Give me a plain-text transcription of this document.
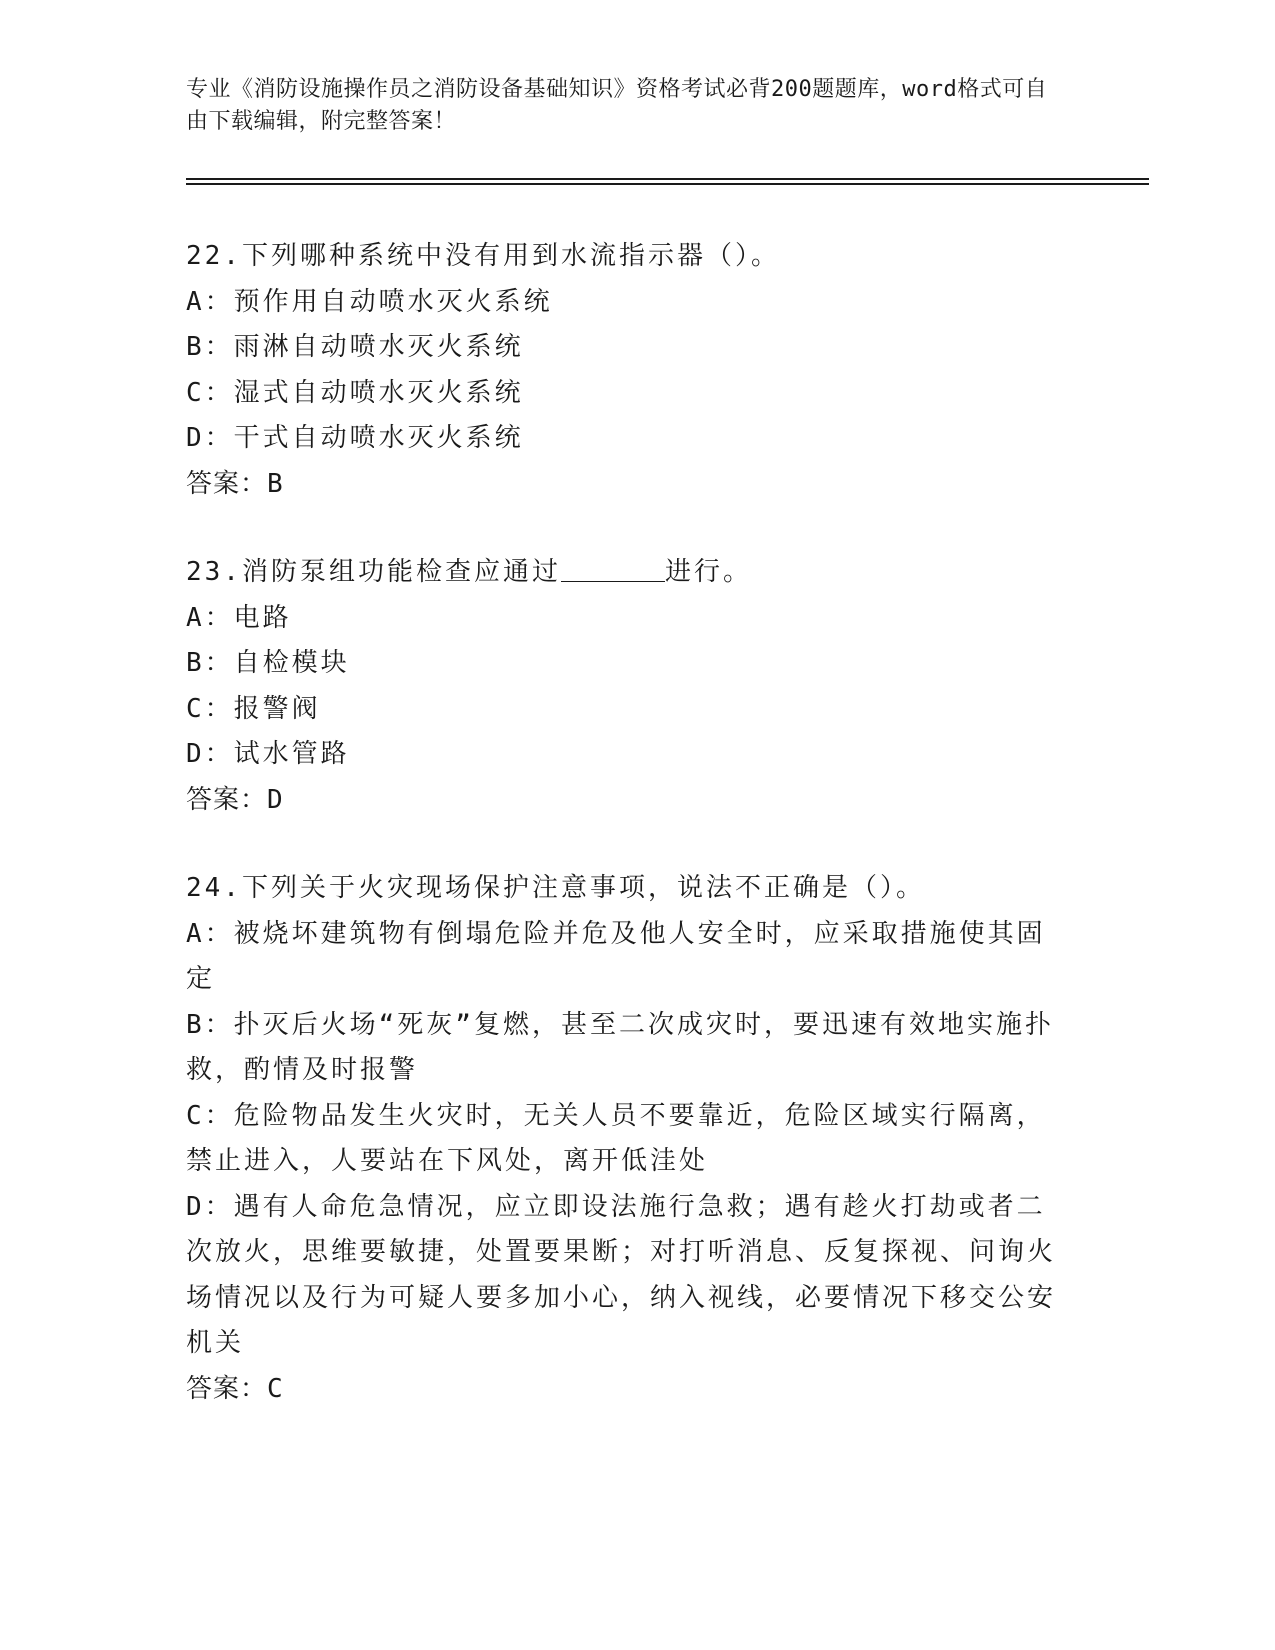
专业《消防设施操作员之消防设备基础知识》资格考试必背200题题库，word格式可自由下载编辑，附完整答案！
22.下列哪种系统中没有用到水流指示器（）。
A：预作用自动喷水灭火系统
B：雨淋自动喷水灭火系统
C：湿式自动喷水灭火系统
D：干式自动喷水灭火系统
答案：B
23.消防泵组功能检查应通过	进行。
A：电路
B：自检模块
C：报警阀
D：试水管路
答案：D
24.下列关于火灾现场保护注意事项，说法不正确是（）。
A：被烧坏建筑物有倒塌危险并危及他人安全时，应采取措施使其固定
B：扑灭后火场“死灰”复燃，甚至二次成灾时，要迅速有效地实施扑救，酌情及时报警
C：危险物品发生火灾时，无关人员不要靠近，危险区域实行隔离，禁止进入，人要站在下风处，离开低洼处
D：遇有人命危急情况，应立即设法施行急救；遇有趁火打劫或者二次放火，思维要敏捷，处置要果断；对打听消息、反复探视、问询火场情况以及行为可疑人要多加小心，纳入视线，必要情况下移交公安机关
答案：C
